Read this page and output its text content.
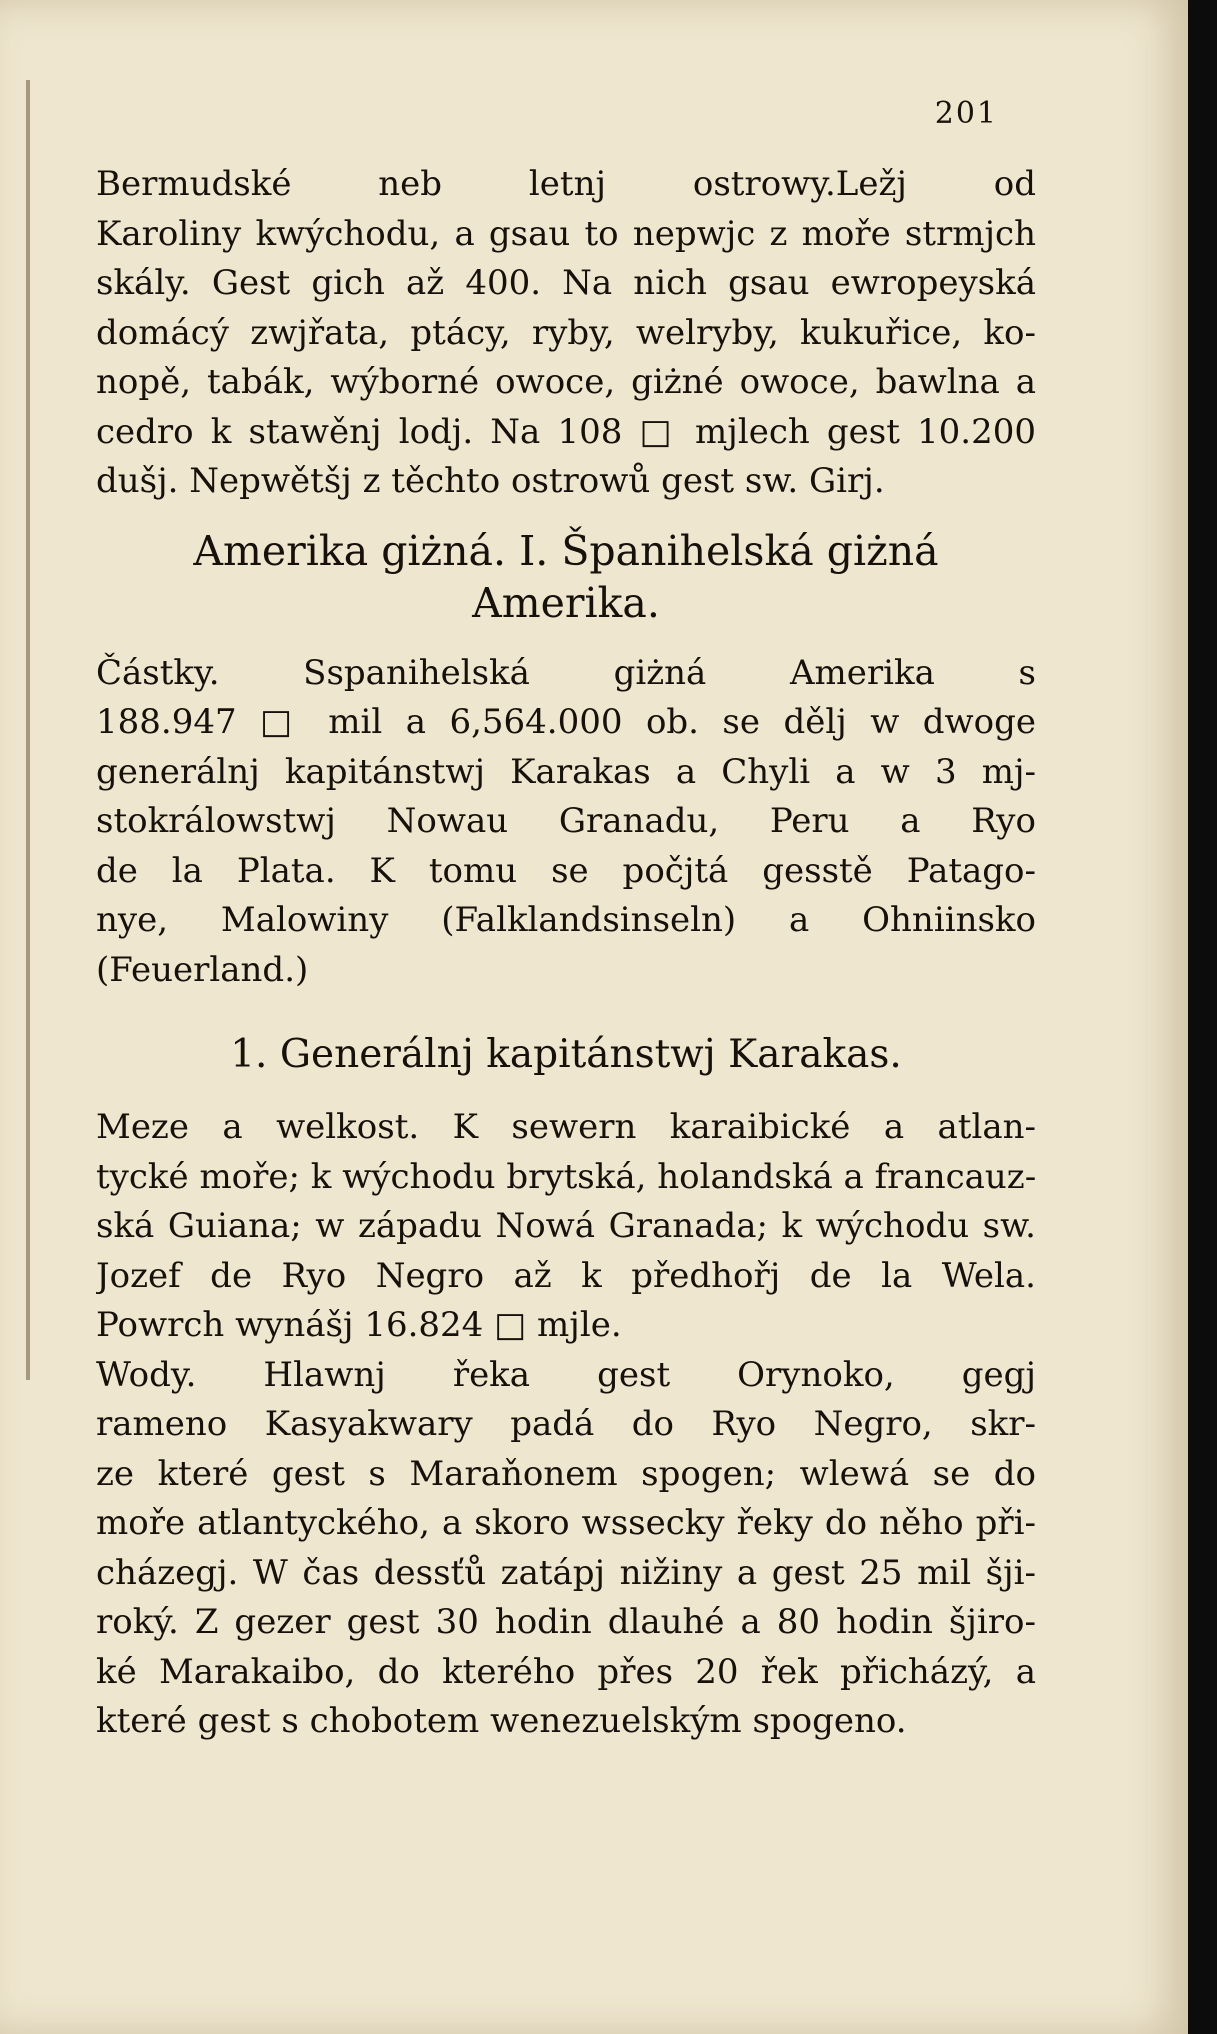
201
Bermudské neb letnj ostrowy.Ležj od
Karoliny kwýchodu, a gsau to nepwjc z moře strmjch
skály. Gest gich až 400. Na nich gsau ewropeyská
domácý zwjřata, ptácy, ryby, welryby, kukuřice, ko-
nopě, tabák, wýborné owoce, giżné owoce, bawlna a
cedro k stawěnj lodj. Na 108 □ mjlech gest 10.200
dušj. Nepwětšj z těchto ostrowů gest sw. Girj.
Amerika giżná. I. Španihelská giżná
Amerika.
Částky. Sspanihelská giżná Amerika s
188.947 □ mil a 6,564.000 ob. se dělj w dwoge
generálnj kapitánstwj Karakas a Chyli a w 3 mj-
stokrálowstwj Nowau Granadu, Peru a Ryo
de la Plata. K tomu se počjtá gesstě Patago-
nye, Malowiny (Falklandsinseln) a Ohniinsko
(Feuerland.)
1. Generálnj kapitánstwj Karakas.
Meze a welkost. K sewern karaibické a atlan-
tycké moře; k wýchodu brytská, holandská a francauz-
ská Guiana; w západu Nowá Granada; k wýchodu sw.
Jozef de Ryo Negro až k předhořj de la Wela.
Powrch wynášj 16.824 □ mjle.
Wody. Hlawnj řeka gest Orynoko, gegj
rameno Kasyakwary padá do Ryo Negro, skr-
ze které gest s Maraňonem spogen; wlewá se do
moře atlantyckého, a skoro wssecky řeky do něho při-
cházegj. W čas dessťů zatápj nižiny a gest 25 mil šji-
roký. Z gezer gest 30 hodin dlauhé a 80 hodin šjiro-
ké Marakaibo, do kterého přes 20 řek přicházý, a
které gest s chobotem wenezuelským spogeno.
